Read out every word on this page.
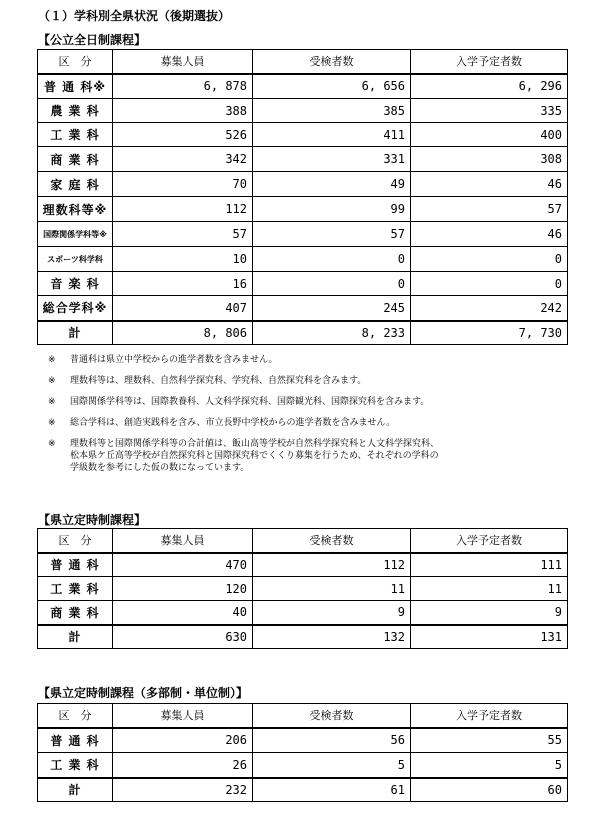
（１）学科別全県状況（後期選抜）
【公立全日制課程】
区　分	募集人員	受検者数	入学予定者数
普 通 科※	6, 878	6, 656	6, 296
農 業 科	388	385	335
工 業 科	526	411	400
商 業 科	342	331	308
家 庭 科	70	49	46
理数科等※	112	99	57
国際関係学科等※	57	57	46
スポーツ科学科	10	0	0
音 楽 科	16	0	0
総合学科※	407	245	242
計	8, 806	8, 233	7, 730
※	普通科は県立中学校からの進学者数を含みません。
※	理数科等は、理数科、自然科学探究科、学究科、自然探究科を含みます。
※	国際関係学科等は、国際教養科、人文科学探究科、国際観光科、国際探究科を含みます。
※	総合学科は、創造実践科を含み、市立長野中学校からの進学者数を含みません。
※	理数科等と国際関係学科等の合計値は、飯山高等学校が自然科学探究科と人文科学探究科、
松本県ケ丘高等学校が自然探究科と国際探究科でくくり募集を行うため、それぞれの学科の
学級数を参考にした仮の数になっています。
【県立定時制課程】
区　分	募集人員	受検者数	入学予定者数
普 通 科	470	112	111
工 業 科	120	11	11
商 業 科	40	9	9
計	630	132	131
【県立定時制課程（多部制・単位制）】
区　分	募集人員	受検者数	入学予定者数
普 通 科	206	56	55
工 業 科	26	5	5
計	232	61	60
